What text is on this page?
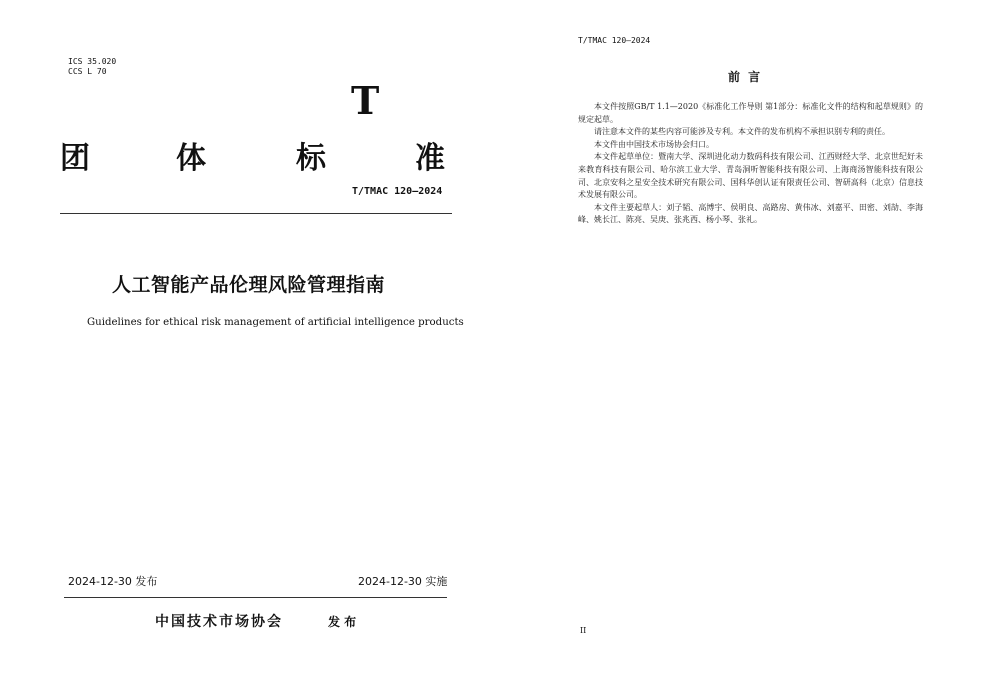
ICS 35.020
CCS L 70
T
团	体	标	准
T/TMAC 120—2024
人工智能产品伦理风险管理指南
Guidelines for ethical risk management of artificial intelligence products
2024-12-30 发布	2024-12-30 实施
中国技术市场协会	发 布
T/TMAC 120—2024
前 言

本文件按照GB/T 1.1—2020《标准化工作导则 第1部分：标准化文件的结构和起草规则》的规定起草。

请注意本文件的某些内容可能涉及专利。本文件的发布机构不承担识别专利的责任。

本文件由中国技术市场协会归口。

本文件起草单位：暨南大学、深圳进化动力数码科技有限公司、江西财经大学、北京世纪好未来教育科技有限公司、哈尔滨工业大学、青岛洞听智能科技有限公司、上海商汤智能科技有限公司、北京安科之星安全技术研究有限公司、国科华创认证有限责任公司、智研高科（北京）信息技术发展有限公司。

本文件主要起草人：刘子韬、高博宇、侯明良、高路房、黄伟冰、刘嘉平、田密、刘劼、李海峰、姚长江、陈亮、吴庚、张兆西、杨小琴、张礼。

II
